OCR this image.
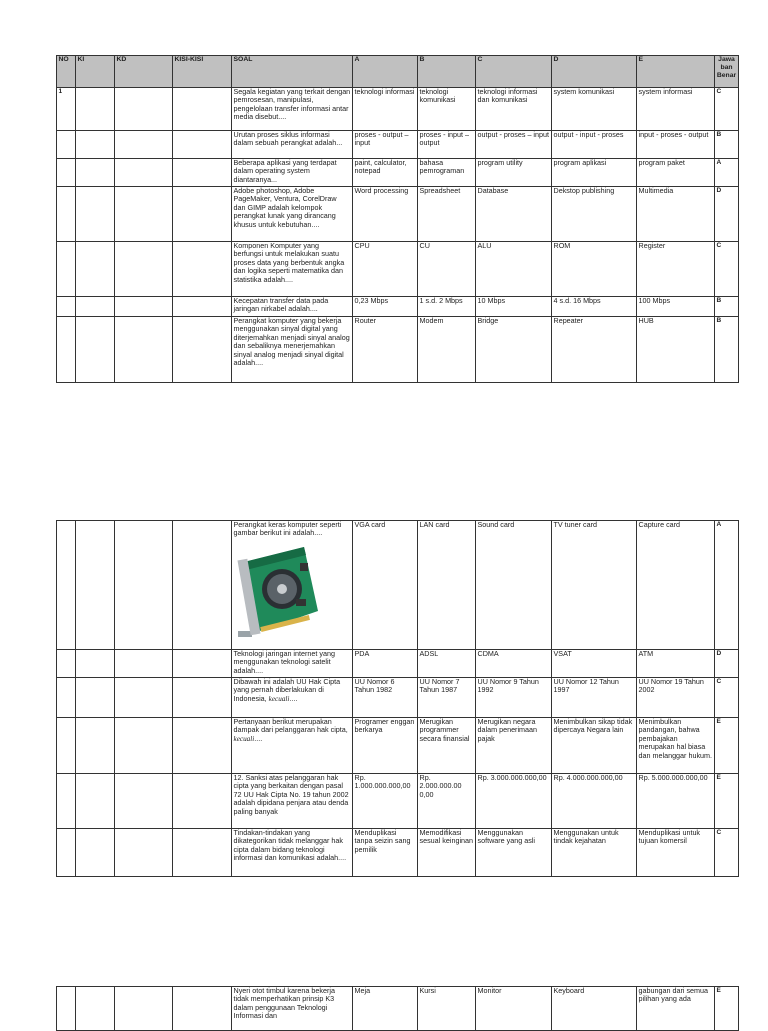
NO	KI	KD	KISI-KISI	SOAL	A	B	C	D	E	Jawaban Benar
1				Segala kegiatan yang terkait dengan pemrosesan, manipulasi, pengelolaan transfer informasi antar media disebut....	teknologi informasi	teknologi komunikasi	teknologi informasi dan komunikasi	system komunikasi	system informasi	C
				Urutan proses siklus informasi dalam sebuah perangkat adalah...	proses - output – input	proses - input – output	output - proses – input	output - input - proses	input - proses - output	B
				Beberapa aplikasi yang terdapat dalam operating system diantaranya...	paint, calculator, notepad	bahasa pemrograman	program utility	program aplikasi	program paket	A
				Adobe photoshop, Adobe PageMaker, Ventura, CorelDraw dan GIMP adalah kelompok perangkat lunak yang dirancang khusus untuk kebutuhan....	Word processing	Spreadsheet	Database	Dekstop publishing	Multimedia	D
				Komponen Komputer yang berfungsi untuk melakukan suatu proses data yang berbentuk angka dan logika seperti matematika dan statistika adalah....	CPU	CU	ALU	ROM	Register	C
				Kecepatan transfer data pada jaringan nirkabel adalah....	0,23 Mbps	1 s.d. 2 Mbps	10 Mbps	4 s.d. 16 Mbps	100 Mbps	B
				Perangkat komputer yang bekerja menggunakan sinyal digital yang diterjemahkan menjadi sinyal analog dan sebaliknya menerjemahkan sinyal analog menjadi sinyal digital adalah....	Router	Modem	Bridge	Repeater	HUB	B
				Perangkat keras komputer seperti gambar berikut ini adalah....	VGA card	LAN card	Sound card	TV tuner card	Capture card	A
				Teknologi jaringan internet yang menggunakan teknologi satelit adalah....	PDA	ADSL	CDMA	VSAT	ATM	D
				Dibawah ini adalah UU Hak Cipta yang pernah diberlakukan di Indonesia, kecuali....	UU Nomor 6 Tahun 1982	UU Nomor 7 Tahun 1987	UU Nomor 9 Tahun 1992	UU Nomor 12 Tahun 1997	UU Nomor 19 Tahun 2002	C
				Pertanyaan berikut merupakan dampak dari pelanggaran hak cipta, kecuali....	Programer enggan berkarya	Merugikan programmer secara finansial	Merugikan negara dalam penerimaan pajak	Menimbulkan sikap tidak dipercaya Negara lain	Menimbulkan pandangan, bahwa pembajakan merupakan hal biasa dan melanggar hukum.	E
				12. Sanksi atas pelanggaran hak cipta yang berkaitan dengan pasal 72 UU Hak Cipta No. 19 tahun 2002 adalah dipidana penjara atau denda paling banyak	Rp. 1.000.000.000,00	Rp. 2.000.000.00 0,00	Rp. 3.000.000.000,00	Rp. 4.000.000.000,00	Rp. 5.000.000.000,00	E
				Tindakan-tindakan yang dikategorikan tidak melanggar hak cipta dalam bidang teknologi informasi dan komunikasi adalah....	Menduplikasi tanpa seizin sang pemilik	Memodifikasi sesual keinginan	Menggunakan software yang asli	Menggunakan untuk tindak kejahatan	Menduplikasi untuk tujuan komersil	C
				Nyeri otot timbul karena bekerja tidak memperhatikan prinsip K3 dalam penggunaan Teknologi Informasi dan	Meja	Kursi	Monitor	Keyboard	gabungan dari semua pilihan yang ada	E
